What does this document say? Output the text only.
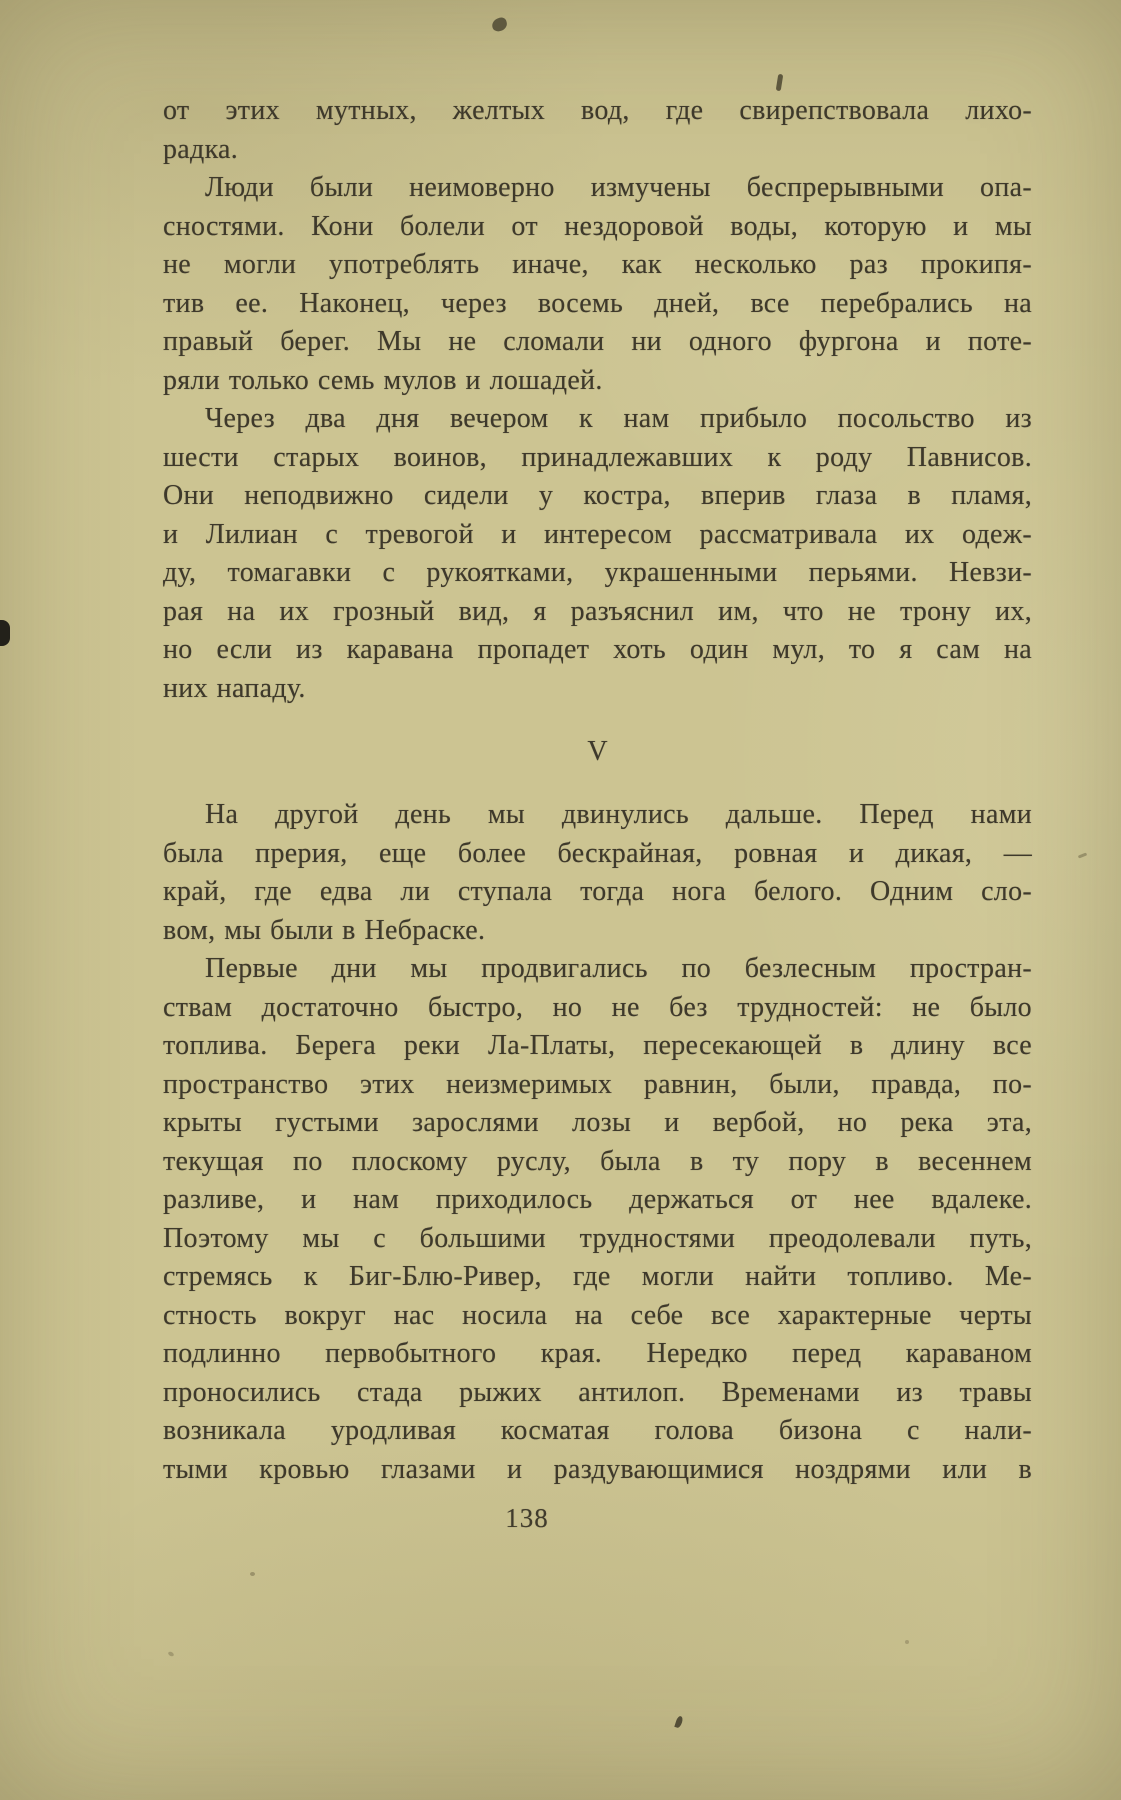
от этих мутных, желтых вод, где свирепствовала лихо-
радка.
Люди были неимоверно измучены беспрерывными опа-
сностями. Кони болели от нездоровой воды, которую и мы
не могли употреблять иначе, как несколько раз прокипя-
тив ее. Наконец, через восемь дней, все перебрались на
правый берег. Мы не сломали ни одного фургона и поте-
ряли только семь мулов и лошадей.
Через два дня вечером к нам прибыло посольство из
шести старых воинов, принадлежавших к роду Павнисов.
Они неподвижно сидели у костра, вперив глаза в пламя,
и Лилиан с тревогой и интересом рассматривала их одеж-
ду, томагавки с рукоятками, украшенными перьями. Невзи-
рая на их грозный вид, я разъяснил им, что не трону их,
но если из каравана пропадет хоть один мул, то я сам на
них нападу.
V
На другой день мы двинулись дальше. Перед нами
была прерия, еще более бескрайная, ровная и дикая, —
край, где едва ли ступала тогда нога белого. Одним сло-
вом, мы были в Небраске.
Первые дни мы продвигались по безлесным простран-
ствам достаточно быстро, но не без трудностей: не было
топлива. Берега реки Ла-Платы, пересекающей в длину все
пространство этих неизмеримых равнин, были, правда, по-
крыты густыми зарослями лозы и вербой, но река эта,
текущая по плоскому руслу, была в ту пору в весеннем
разливе, и нам приходилось держаться от нее вдалеке.
Поэтому мы с большими трудностями преодолевали путь,
стремясь к Биг-Блю-Ривер, где могли найти топливо. Ме-
стность вокруг нас носила на себе все характерные черты
подлинно первобытного края. Нередко перед караваном
проносились стада рыжих антилоп. Временами из травы
возникала уродливая косматая голова бизона с нали-
тыми кровью глазами и раздувающимися ноздрями или в
138
